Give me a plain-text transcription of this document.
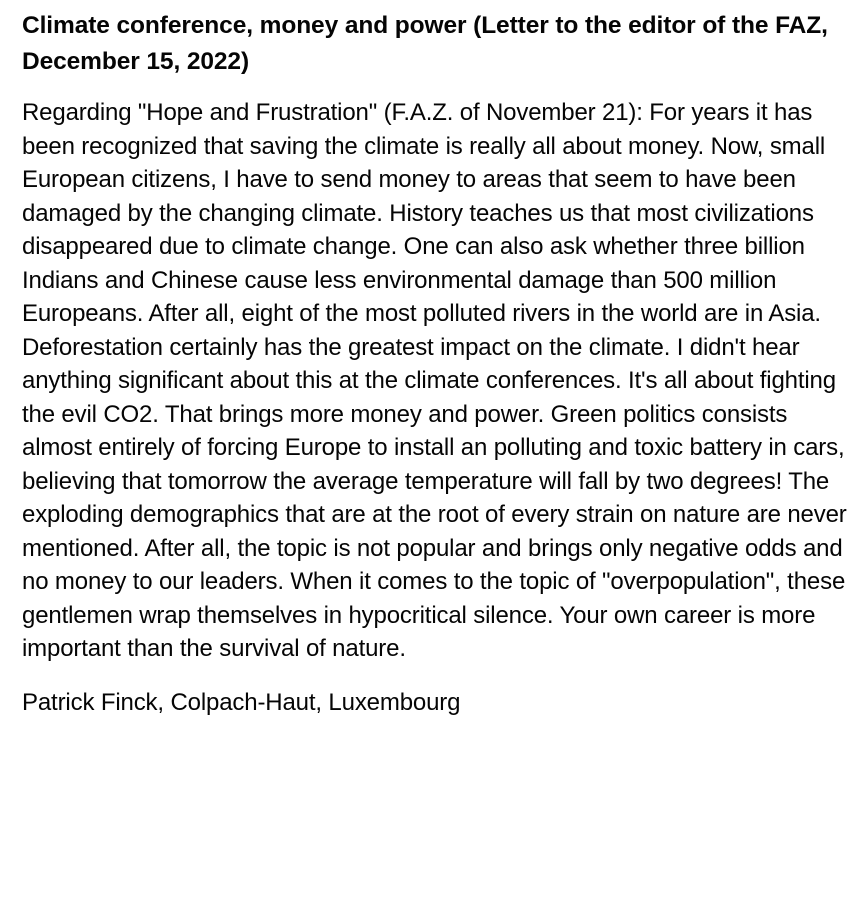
Climate conference, money and power (Letter to the editor of the FAZ, December 15, 2022)

Regarding "Hope and Frustration" (F.A.Z. of November 21): For years it has been recognized that saving the climate is really all about money. Now, small European citizens, I have to send money to areas that seem to have been damaged by the changing climate. History teaches us that most civilizations disappeared due to climate change. One can also ask whether three billion Indians and Chinese cause less environmental damage than 500 million Europeans. After all, eight of the most polluted rivers in the world are in Asia. Deforestation certainly has the greatest impact on the climate. I didn't hear anything significant about this at the climate conferences. It's all about fighting the evil CO2. That brings more money and power. Green politics consists almost entirely of forcing Europe to install an polluting and toxic battery in cars, believing that tomorrow the average temperature will fall by two degrees! The exploding demographics that are at the root of every strain on nature are never mentioned. After all, the topic is not popular and brings only negative odds and no money to our leaders. When it comes to the topic of "overpopulation", these gentlemen wrap themselves in hypocritical silence. Your own career is more important than the survival of nature.

Patrick Finck, Colpach-Haut, Luxembourg
